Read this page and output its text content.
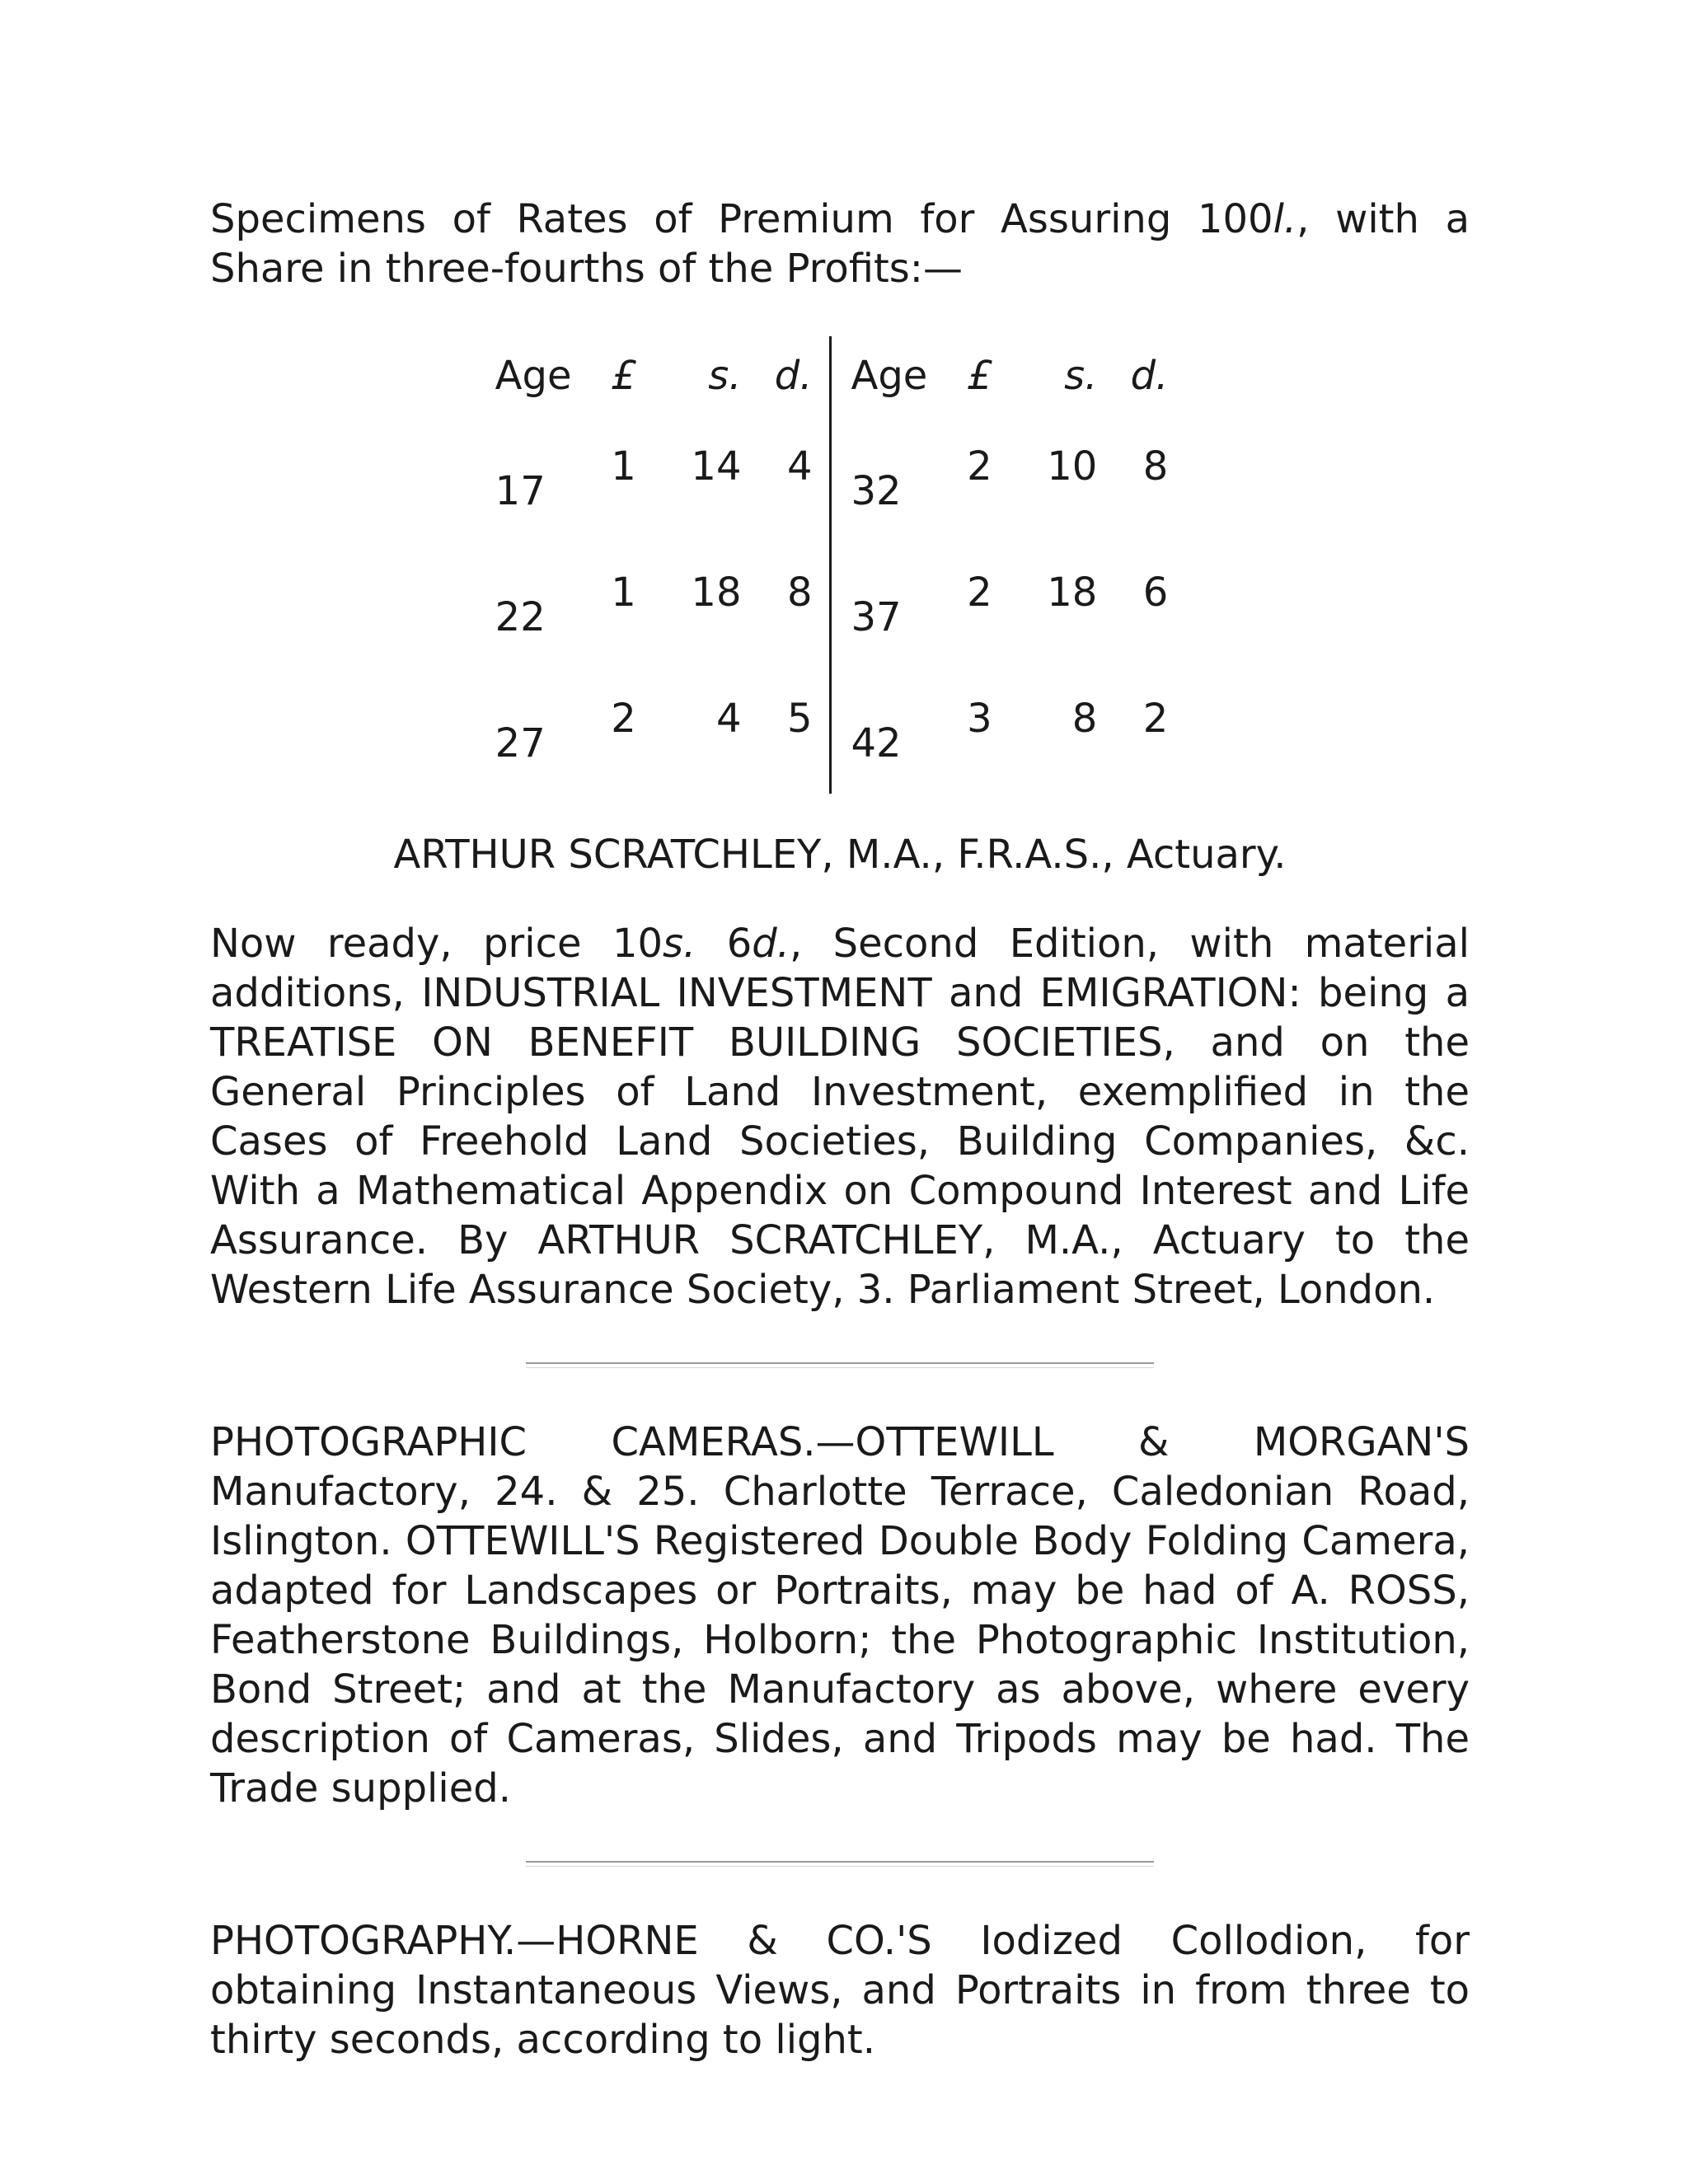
Specimens of Rates of Premium for Assuring 100l., with a Share in three-fourths of the Profits:—

Age	£	s.	d.	Age	£	s.	d.
17	1	14	4	32	2	10	8
22	1	18	8	37	2	18	6
27	2	4	5	42	3	8	2

ARTHUR SCRATCHLEY, M.A., F.R.A.S., Actuary.

Now ready, price 10s. 6d., Second Edition, with material additions, INDUSTRIAL INVESTMENT and EMIGRATION: being a TREATISE ON BENEFIT BUILDING SOCIETIES, and on the General Principles of Land Investment, exemplified in the Cases of Freehold Land Societies, Building Companies, &c. With a Mathematical Appendix on Compound Interest and Life Assurance. By ARTHUR SCRATCHLEY, M.A., Actuary to the Western Life Assurance Society, 3. Parliament Street, London.

PHOTOGRAPHIC CAMERAS.—OTTEWILL & MORGAN'S Manufactory, 24. & 25. Charlotte Terrace, Caledonian Road, Islington. OTTEWILL'S Registered Double Body Folding Camera, adapted for Landscapes or Portraits, may be had of A. ROSS, Featherstone Buildings, Holborn; the Photographic Institution, Bond Street; and at the Manufactory as above, where every description of Cameras, Slides, and Tripods may be had. The Trade supplied.

PHOTOGRAPHY.—HORNE & CO.'S Iodized Collodion, for obtaining Instantaneous Views, and Portraits in from three to thirty seconds, according to light.
